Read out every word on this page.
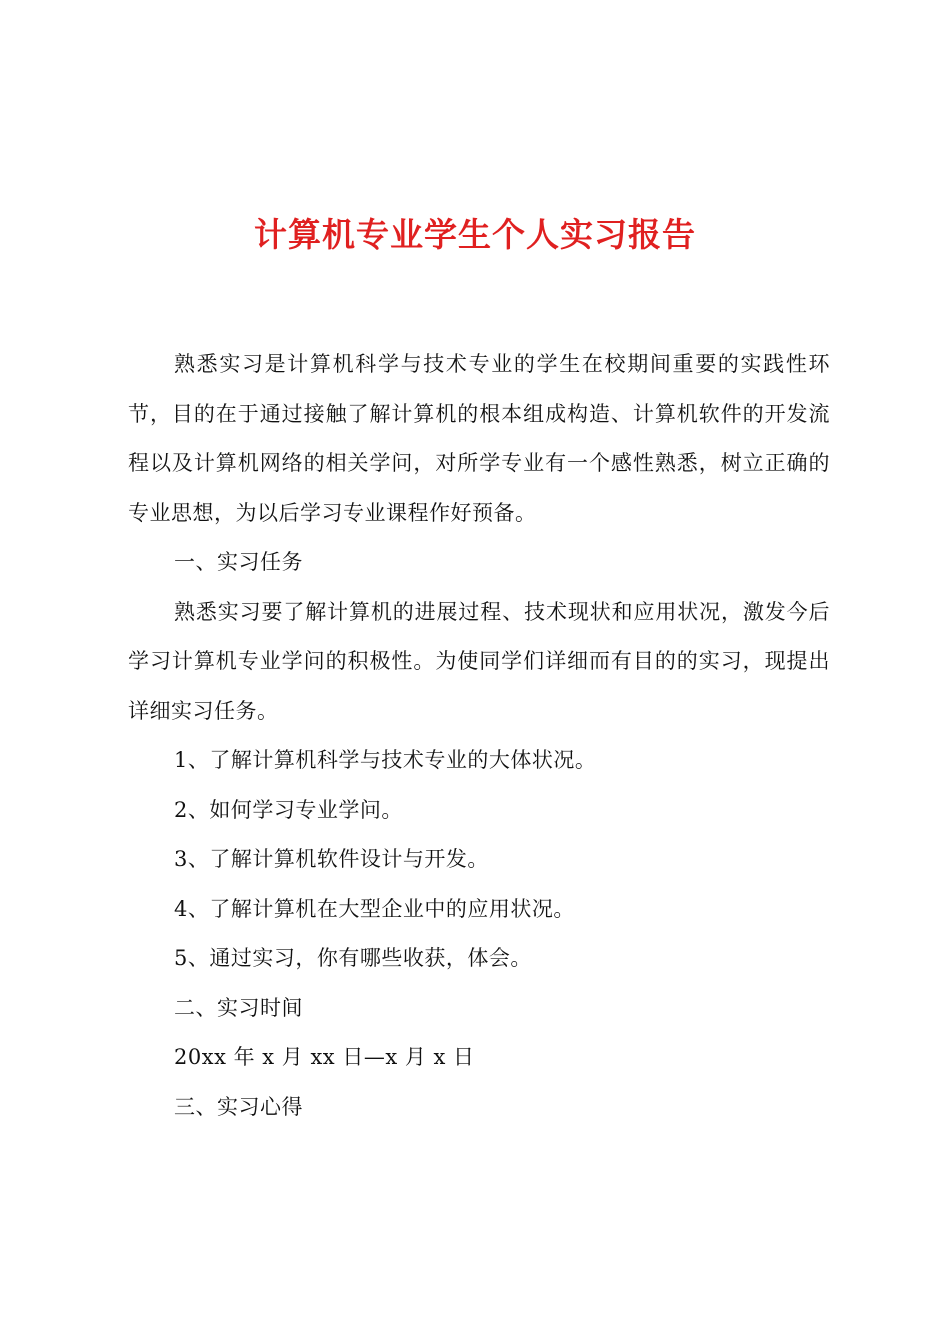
计算机专业学生个人实习报告

熟悉实习是计算机科学与技术专业的学生在校期间重要的实践性环节，目的在于通过接触了解计算机的根本组成构造、计算机软件的开发流程以及计算机网络的相关学问，对所学专业有一个感性熟悉，树立正确的专业思想，为以后学习专业课程作好预备。

一、实习任务

熟悉实习要了解计算机的进展过程、技术现状和应用状况，激发今后学习计算机专业学问的积极性。为使同学们详细而有目的的实习，现提出详细实习任务。

1、了解计算机科学与技术专业的大体状况。

2、如何学习专业学问。

3、了解计算机软件设计与开发。

4、了解计算机在大型企业中的应用状况。

5、通过实习，你有哪些收获，体会。

二、实习时间

20xx 年 x 月 xx 日—x 月 x 日

三、实习心得
